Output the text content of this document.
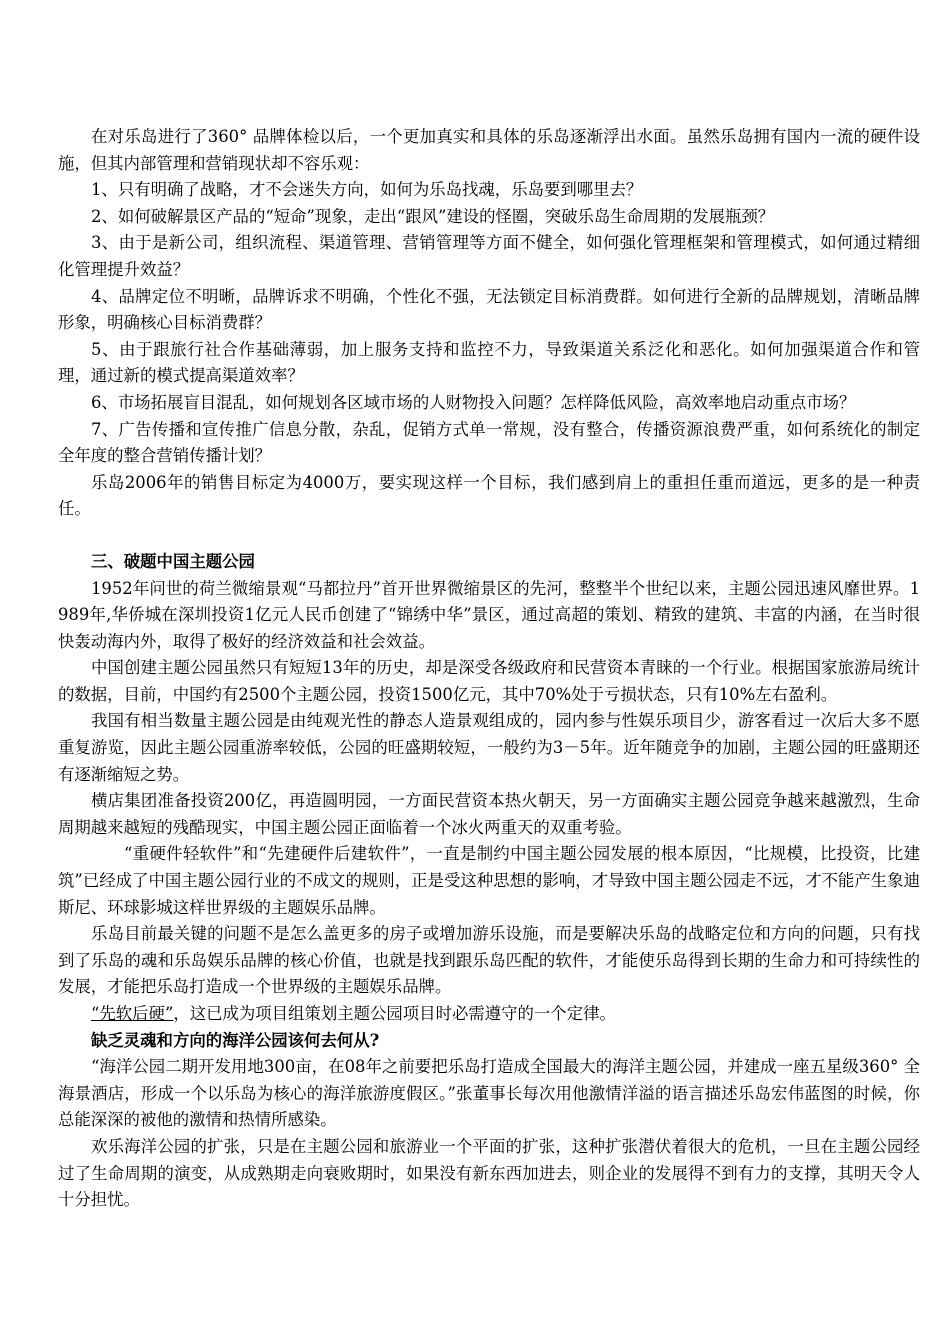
在对乐岛进行了360° 品牌体检以后，一个更加真实和具体的乐岛逐渐浮出水面。虽然乐岛拥有国内一流的硬件设施，但其内部管理和营销现状却不容乐观：

1、只有明确了战略，才不会迷失方向，如何为乐岛找魂，乐岛要到哪里去？

2、如何破解景区产品的“短命”现象，走出“跟风”建设的怪圈，突破乐岛生命周期的发展瓶颈？

3、由于是新公司，组织流程、渠道管理、营销管理等方面不健全，如何强化管理框架和管理模式，如何通过精细化管理提升效益？

4、品牌定位不明晰，品牌诉求不明确，个性化不强，无法锁定目标消费群。如何进行全新的品牌规划，清晰品牌形象，明确核心目标消费群？

5、由于跟旅行社合作基础薄弱，加上服务支持和监控不力，导致渠道关系泛化和恶化。如何加强渠道合作和管理，通过新的模式提高渠道效率？

6、市场拓展盲目混乱，如何规划各区域市场的人财物投入问题？怎样降低风险，高效率地启动重点市场？

7、广告传播和宣传推广信息分散，杂乱，促销方式单一常规，没有整合，传播资源浪费严重，如何系统化的制定全年度的整合营销传播计划？

乐岛2006年的销售目标定为4000万，要实现这样一个目标，我们感到肩上的重担任重而道远，更多的是一种责任。

三、破题中国主题公园

1952年问世的荷兰微缩景观“马都拉丹”首开世界微缩景区的先河，整整半个世纪以来，主题公园迅速风靡世界。1989年,华侨城在深圳投资1亿元人民币创建了“锦绣中华”景区，通过高超的策划、精致的建筑、丰富的内涵，在当时很快轰动海内外，取得了极好的经济效益和社会效益。

中国创建主题公园虽然只有短短13年的历史，却是深受各级政府和民营资本青睐的一个行业。根据国家旅游局统计的数据，目前，中国约有2500个主题公园，投资1500亿元，其中70%处于亏损状态，只有10%左右盈利。

我国有相当数量主题公园是由纯观光性的静态人造景观组成的，园内参与性娱乐项目少，游客看过一次后大多不愿重复游览，因此主题公园重游率较低，公园的旺盛期较短，一般约为3－5年。近年随竞争的加剧，主题公园的旺盛期还有逐渐缩短之势。

横店集团准备投资200亿，再造圆明园，一方面民营资本热火朝天，另一方面确实主题公园竞争越来越激烈，生命周期越来越短的残酷现实，中国主题公园正面临着一个冰火两重天的双重考验。

“重硬件轻软件”和“先建硬件后建软件”，一直是制约中国主题公园发展的根本原因，“比规模，比投资，比建筑”已经成了中国主题公园行业的不成文的规则，正是受这种思想的影响，才导致中国主题公园走不远，才不能产生象迪斯尼、环球影城这样世界级的主题娱乐品牌。

乐岛目前最关键的问题不是怎么盖更多的房子或增加游乐设施，而是要解决乐岛的战略定位和方向的问题，只有找到了乐岛的魂和乐岛娱乐品牌的核心价值，也就是找到跟乐岛匹配的软件，才能使乐岛得到长期的生命力和可持续性的发展，才能把乐岛打造成一个世界级的主题娱乐品牌。

“先软后硬”，这已成为项目组策划主题公园项目时必需遵守的一个定律。

缺乏灵魂和方向的海洋公园该何去何从?

“海洋公园二期开发用地300亩，在08年之前要把乐岛打造成全国最大的海洋主题公园，并建成一座五星级360° 全海景酒店，形成一个以乐岛为核心的海洋旅游度假区。”张董事长每次用他激情洋溢的语言描述乐岛宏伟蓝图的时候，你总能深深的被他的激情和热情所感染。

欢乐海洋公园的扩张，只是在主题公园和旅游业一个平面的扩张，这种扩张潜伏着很大的危机，一旦在主题公园经过了生命周期的演变，从成熟期走向衰败期时，如果没有新东西加进去，则企业的发展得不到有力的支撑，其明天令人十分担忧。
